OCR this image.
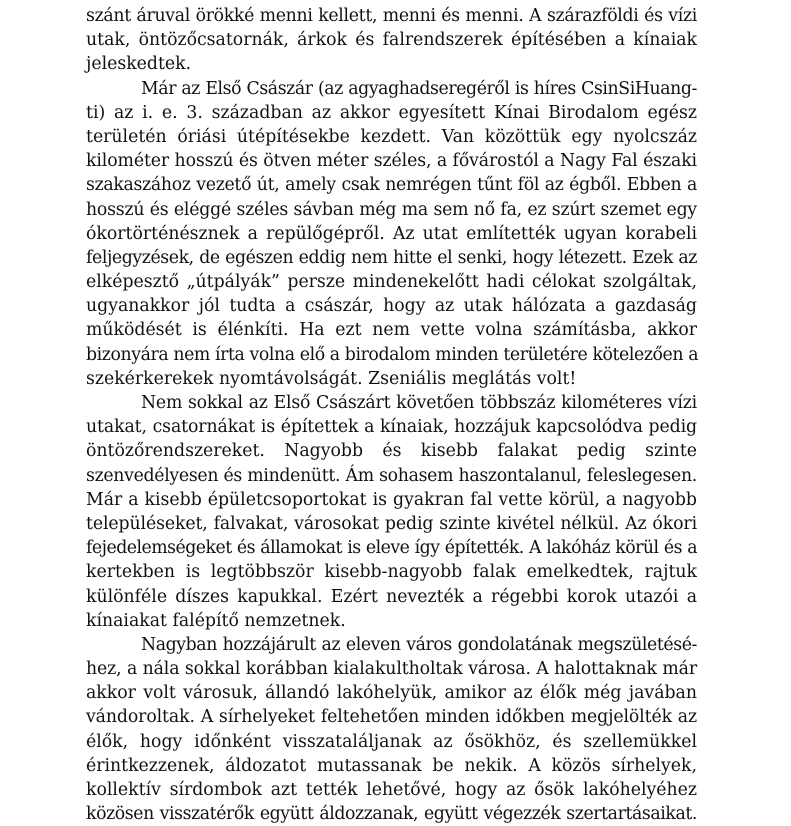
szánt áruval örökké menni kellett, menni és menni. A szárazföldi és vízi
utak, öntözőcsatornák, árkok és falrendszerek építésében a kínaiak
jeleskedtek.
Már az Első Császár (az agyaghadseregéről is híres CsinSiHuang-
ti) az i. e. 3. században az akkor egyesített Kínai Birodalom egész
területén óriási útépítésekbe kezdett. Van közöttük egy nyolcszáz
kilométer hosszú és ötven méter széles, a fővárostól a Nagy Fal északi
szakaszához vezető út, amely csak nemrégen tűnt föl az égből. Ebben a
hosszú és eléggé széles sávban még ma sem nő fa, ez szúrt szemet egy
ókortörténésznek a repülőgépről. Az utat említették ugyan korabeli
feljegyzések, de egészen eddig nem hitte el senki, hogy létezett. Ezek az
elképesztő „útpályák” persze mindenekelőtt hadi célokat szolgáltak,
ugyanakkor jól tudta a császár, hogy az utak hálózata a gazdaság
működését is élénkíti. Ha ezt nem vette volna számításba, akkor
bizonyára nem írta volna elő a birodalom minden területére kötelezően a
szekérkerekek nyomtávolságát. Zseniális meglátás volt!
Nem sokkal az Első Császárt követően többszáz kilométeres vízi
utakat, csatornákat is építettek a kínaiak, hozzájuk kapcsolódva pedig
öntözőrendszereket. Nagyobb és kisebb falakat pedig szinte
szenvedélyesen és mindenütt. Ám sohasem haszontalanul, feleslegesen.
Már a kisebb épületcsoportokat is gyakran fal vette körül, a nagyobb
településeket, falvakat, városokat pedig szinte kivétel nélkül. Az ókori
fejedelemségeket és államokat is eleve így építették. A lakóház körül és a
kertekben is legtöbbször kisebb-nagyobb falak emelkedtek, rajtuk
különféle díszes kapukkal. Ezért nevezték a régebbi korok utazói a
kínaiakat falépítő nemzetnek.
Nagyban hozzájárult az eleven város gondolatának megszületésé-
hez, a nála sokkal korábban kialakultholtak városa. A halottaknak már
akkor volt városuk, állandó lakóhelyük, amikor az élők még javában
vándoroltak. A sírhelyeket feltehetően minden időkben megjelölték az
élők, hogy időnként visszataláljanak az ősökhöz, és szellemükkel
érintkezzenek, áldozatot mutassanak be nekik. A közös sírhelyek,
kollektív sírdombok azt tették lehetővé, hogy az ősök lakóhelyéhez
közösen visszatérők együtt áldozzanak, együtt végezzék szertartásaikat.
